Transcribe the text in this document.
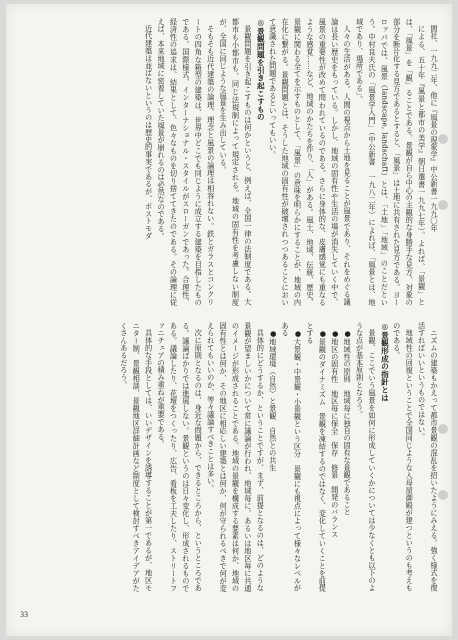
間社、一九九二年、他に『風景の現象学』中公新書一九九〇年

による、五十年『風景と都市の美学』朝日選書一九九七年）。よれば、「景観」とは、「風景」を「観」ることである。景観が自ら中心の主観的な身勝手な見方、対象の部分を断片化する見方であるとすると、「風景」は土地に共有された見方である。ヨーロッパでは、風景（landscape, landschaft）とは、「土地」「地域」のことだという。中村良夫氏の「風景学入門」（中公新書　一九八二年）によれば、「風景とは、地域であり、場所である」。

人々の生活がある。人間の視点から土地を見ることが風景であり、それをめぐる議論は長い歴史をもっている。しかし、地域の固有性や生活の場が消失していく中で、風景の重要性が改めて問われているのである。さらに身体的な、皮膚感覚にも重なるような感覚……など、地域のかたちを作り、「人」がある。風土、地域、伝統、歴史、景観に関わる全てを示すものとして、「風景」の意味を明らかにすることが、地域の内在化に繋がる。景観問題とは、そうした地域の固有性が破壊されつつあることにおいて意識された問題であるといってもいい。

◎景観問題を引き起こすもの

景観問題を引き起こすものは何かというと、例えば、全国一律の法制度である。大都市も小都市も、同じ法規制によって規定される。地域の固有性を考慮しない制度が、全国に同じような風景を生み出している。

そもそも近代建築の論理、理念と風景の論理は相容れない。鉄とガラスとコンクリートの四角な箱型の建築は、世界中どこでも同じように成立する建築を目指したものである。国際様式、インターナショナル・スタイルがスローガンであった。合理性、経済性の追求は、結果として、色々なものを切り捨ててきたのである。その論理に従えば、本来地域に密着していた風景が崩れるのは必然なのである。

近代建築は並ばないというのは歴史的事実であるが、ポストモダ

ニズムの建築もかえって都市景観の混乱を招いたようにみえる。強く様式を復活すればいいというものではない。

地域性の回復ということで全国同じような入母屋御殿が建つというのも考えものである。

◎景観形成の指針とは

景観、ここでいう風景を如何に形成していくかについては少なくとも以下のような点が基本原則となろう。

●地域性の原則　地域毎に独自の固有な景観であること

●地区の固有性　地区毎に保全　保存　修景　開発のバランス

●景観のダイナミズム　景観を凍結するのではなく、変化していくことを前提とする

●大景観・中景観・小景観という区分　景観にも視点によって様々なレベルがある

●地域環境（自然）と景観　自然との共生

具体的にどうするか、ということですが、まず、前提となるのは、どのような景観が望ましいかについて常に議論が行われ、地域毎に、あるいは地区毎に共通のイメージが形成されることである。地域の景観を構成する要素は何か、地域の固有性とは何か、その地区に相応しい建築とは何か、何が守られるべきで何が変えられてもいいのか、等々議論すべきことは多い。

次に原則となるのは、身近な問題から、できるところから、というところである。議論ばかりでは進展しない。景観というのは日々変化し、形成されるものである。議論したり、花壇をつくったり、広告、看板を工夫したり、ストリートファニチュアの積み重ねが重要である。

具体的な手段としては、いいデザインを誘導することが第一であるが、地区モニター制、景観相談、景観地区詳細計画など制度として検討すべきアイデアがたくさんあるだろう。

33
